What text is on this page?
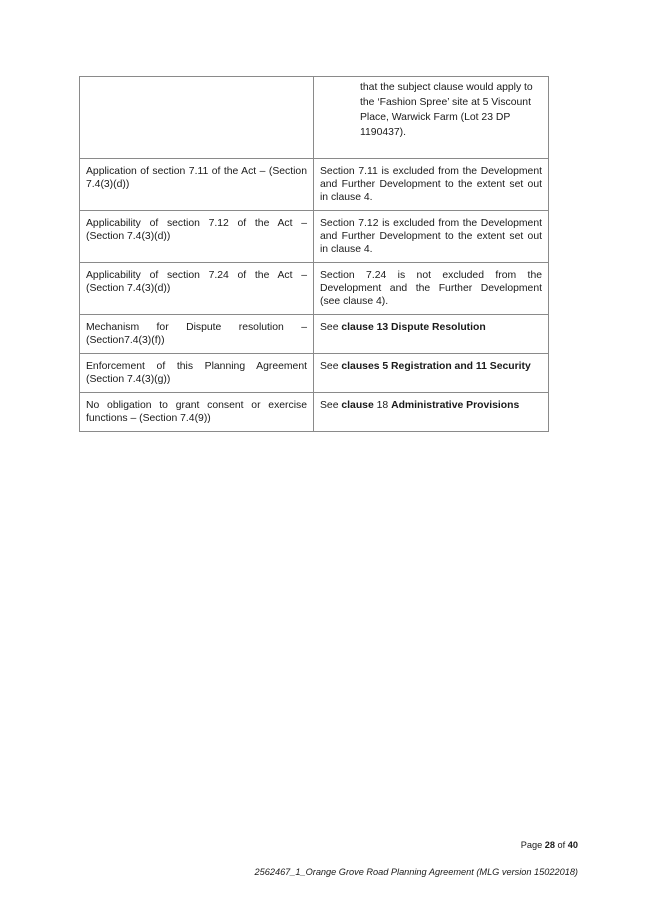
	that the subject clause would apply to the ‘Fashion Spree’ site at 5 Viscount Place, Warwick Farm (Lot 23 DP 1190437).
Application of section 7.11 of the Act – (Section 7.4(3)(d))	Section 7.11 is excluded from the Development and Further Development to the extent set out in clause 4.
Applicability of section 7.12 of the Act – (Section 7.4(3)(d))	Section 7.12 is excluded from the Development and Further Development to the extent set out in clause 4.
Applicability of section 7.24 of the Act – (Section 7.4(3)(d))	Section 7.24 is not excluded from the Development and the Further Development (see clause 4).
Mechanism for Dispute resolution – (Section7.4(3)(f))	See clause 13 Dispute Resolution
Enforcement of this Planning Agreement (Section 7.4(3)(g))	See clauses 5 Registration and 11 Security
No obligation to grant consent or exercise functions – (Section 7.4(9))	See clause 18 Administrative Provisions
Page 28 of 40
2562467_1_Orange Grove Road Planning Agreement (MLG version 15022018)
